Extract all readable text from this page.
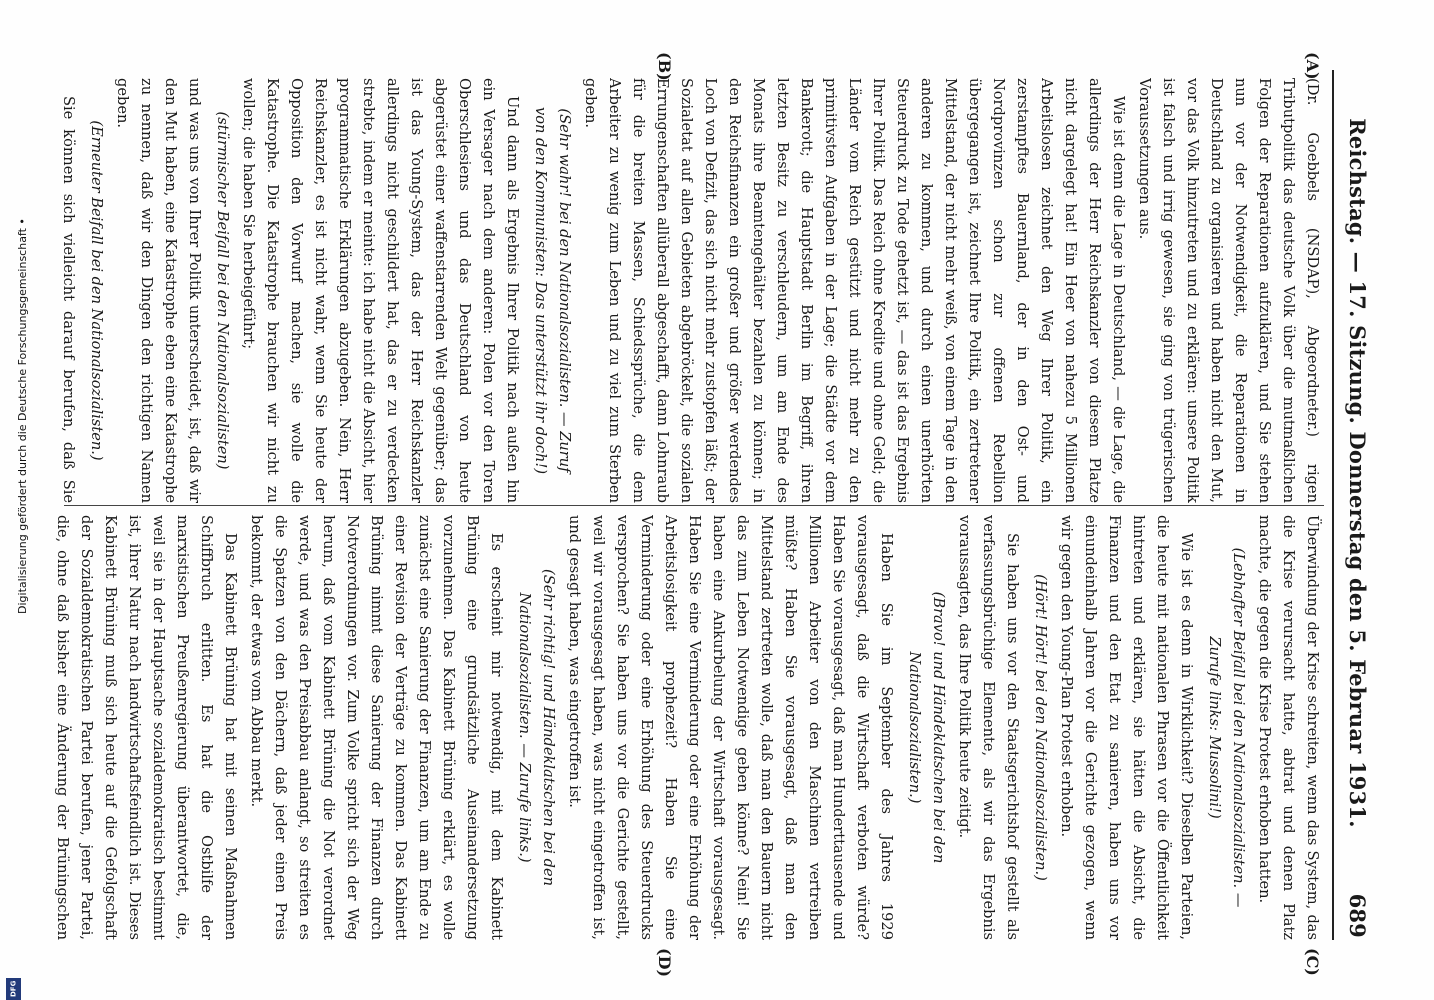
Digitalisierung gefördert durch die Deutsche Forschungsgemeinschaft •
DFG
Reichstag. — 17. Sitzung. Donnerstag den 5. Februar 1931.
689
(A)
(B)
(C)
(D)

(Dr. Goebbels (NSDAP), Abgeordneter.) rigen Tributpolitik das deutsche Volk über die mutmaßlichen Folgen der Reparationen aufzuklären, und Sie stehen nun vor der Notwendigkeit, die Reparationen in Deutschland zu organisieren und haben nicht den Mut, vor das Volk hinzutreten und zu erklären: unsere Politik ist falsch und irrig gewesen, sie ging von trügerischen Voraussetzungen aus.

Wie ist denn die Lage in Deutschland, — die Lage, die allerdings der Herr Reichskanzler von diesem Platze nicht dargelegt hat! Ein Heer von nahezu 5 Millionen Arbeitslosen zeichnet den Weg Ihrer Politik, ein zerstampftes Bauernland, der in den Ost- und Nordprovinzen schon zur offenen Rebellion übergegangen ist, zeichnet Ihre Politik, ein zertretener Mittelstand, der nicht mehr weiß, von einem Tage in den anderen zu kommen, und durch einen unerhörten Steuerdruck zu Tode gehetzt ist, — das ist das Ergebnis Ihrer Politik. Das Reich ohne Kredite und ohne Geld; die Länder vom Reich gestützt und nicht mehr zu den primitivsten Aufgaben in der Lage; die Städte vor dem Bankerott; die Hauptstadt Berlin im Begriff, ihren letzten Besitz zu verschleudern, um am Ende des Monats ihre Beamtengehälter bezahlen zu können; in den Reichsfinanzen ein großer und größer werdendes Loch von Defizit, das sich nicht mehr zustopfen läßt; der Sozialetat auf allen Gebieten abgebröckelt, die sozialen Errungenschaften allüberall abgeschafft, dann Lohnraub für die breiten Massen, Schiedssprüche, die dem Arbeiter zu wenig zum Leben und zu viel zum Sterben geben.

(Sehr wahr! bei den Nationalsozialisten. — Zuruf von den Kommunisten: Das unterstützt ihr doch!)

Und dann als Ergebnis Ihrer Politik nach außen hin ein Versager nach dem anderen: Polen vor den Toren Oberschlesiens und das Deutschland von heute abgerüstet einer waffenstarrenden Welt gegenüber; das ist das Young-System, das der Herr Reichskanzler allerdings nicht geschildert hat, das er zu verdecken strebte, indem er meinte: ich habe nicht die Absicht, hier programmatische Erklärungen abzugeben. Nein, Herr Reichskanzler, es ist nicht wahr, wenn Sie heute der Opposition den Vorwurf machen, sie wolle die Katastrophe. Die Katastrophe brauchen wir nicht zu wollen; die haben Sie herbeigeführt;

(stürmischer Beifall bei den Nationalsozialisten)

und was uns von Ihrer Politik unterscheidet, ist, daß wir den Mut haben, eine Katastrophe eben eine Katastrophe zu nennen, daß wir den Dingen den richtigen Namen geben.

(Erneuter Beifall bei den Nationalsozialisten.)

Sie können sich vielleicht darauf berufen, daß Sie

Überwindung der Krise schreiten, wenn das System, das die Krise verursacht hatte, abtrat und denen Platz machte, die gegen die Krise Protest erhoben hatten.

(Lebhafter Beifall bei den Nationalsozialisten. — Zurufe links: Mussolini!)

Wie ist es denn in Wirklichkeit? Dieselben Parteien, die heute mit nationalen Phrasen vor die Öffentlichkeit hintreten und erklären, sie hätten die Absicht, die Finanzen und den Etat zu sanieren, haben uns vor einundeinhalb Jahren vor die Gerichte gezogen, wenn wir gegen den Young-Plan Protest erhoben.

(Hört! Hört! bei den Nationalsozialisten.)

Sie haben uns vor den Staatsgerichtshof gestellt als verfassungsbrüchige Elemente, als wir das Ergebnis voraussagten, das Ihre Politik heute zeitigt.

(Bravo! und Händeklatschen bei den Nationalsozialisten.)

Haben Sie im September des Jahres 1929 vorausgesagt, daß die Wirtschaft verboten würde? Haben Sie vorausgesagt, daß man Hunderttausende und Millionen Arbeiter von den Maschinen vertreiben müßte? Haben Sie vorausgesagt, daß man den Mittelstand zertreten wolle, daß man den Bauern nicht das zum Leben Notwendige geben könne? Nein! Sie haben eine Ankurbelung der Wirtschaft vorausgesagt. Haben Sie eine Verminderung oder eine Erhöhung der Arbeitslosigkeit prophezeit? Haben Sie eine Verminderung oder eine Erhöhung des Steuerdrucks versprochen? Sie haben uns vor die Gerichte gestellt, weil wir vorausgesagt haben, was nicht eingetroffen ist, und gesagt haben, was eingetroffen ist.

(Sehr richtig! und Händeklatschen bei den Nationalsozialisten. — Zurufe links.)

Es erscheint mir notwendig, mit dem Kabinett Brüning eine grundsätzliche Auseinandersetzung vorzunehmen. Das Kabinett Brüning erklärt, es wolle zunächst eine Sanierung der Finanzen, um am Ende zu einer Revision der Verträge zu kommen. Das Kabinett Brüning nimmt diese Sanierung der Finanzen durch Notverordnungen vor. Zum Volke spricht sich der Weg herum, daß vom Kabinett Brüning die Not verordnet werde, und was den Preisabbau anlangt, so streiten es die Spatzen von den Dächern, daß jeder einen Preis bekommt, der etwas vom Abbau merkt.

Das Kabinett Brüning hat mit seinen Maßnahmen Schiffbruch erlitten. Es hat die Ostbilfe der marxistischen Preußenregierung überantwortet, die, weil sie in der Hauptsache sozialdemokratisch bestimmt ist, ihrer Natur nach landwirtschaftsfeindlich ist. Dieses Kabinett Brüning muß sich heute auf die Gefolgschaft der Sozialdemokratischen Partei berufen, jener Partei, die, ohne daß bisher eine Änderung der Brüningschen
